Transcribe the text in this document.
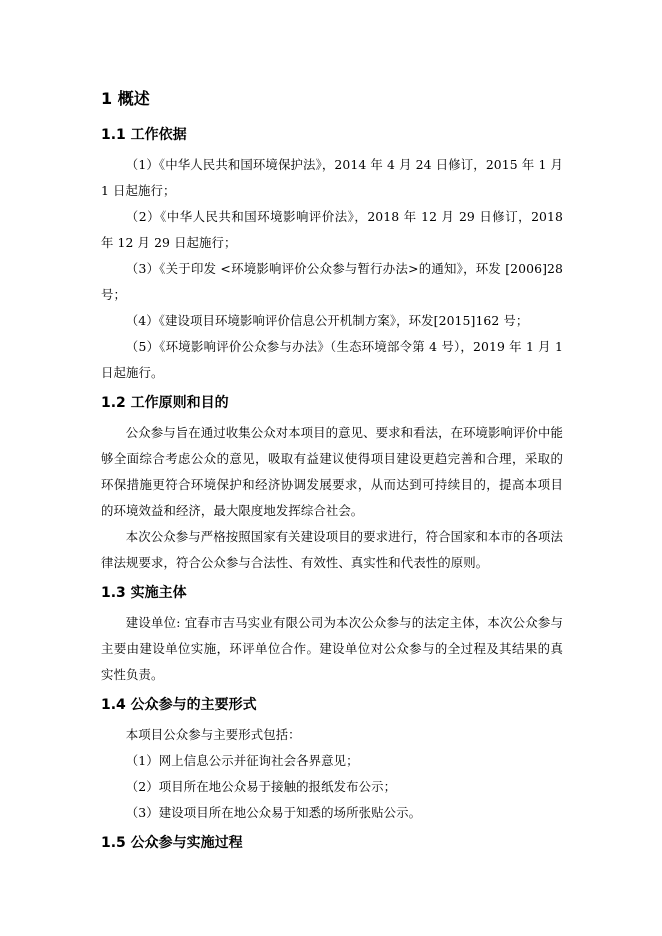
1 概述
1.1 工作依据

（1）《中华人民共和国环境保护法》，2014 年 4 月 24 日修订，2015 年 1 月 1 日起施行；

（2）《中华人民共和国环境影响评价法》，2018 年 12 月 29 日修订，2018 年 12 月 29 日起施行；

（3）《关于印发 <环境影响评价公众参与暂行办法>的通知》，环发 [2006]28 号；

（4）《建设项目环境影响评价信息公开机制方案》，环发[2015]162 号；

（5）《环境影响评价公众参与办法》（生态环境部令第 4 号），2019 年 1 月 1 日起施行。

1.2 工作原则和目的

公众参与旨在通过收集公众对本项目的意见、要求和看法，在环境影响评价中能够全面综合考虑公众的意见，吸取有益建议使得项目建设更趋完善和合理，采取的环保措施更符合环境保护和经济协调发展要求，从而达到可持续目的，提高本项目的环境效益和经济，最大限度地发挥综合社会。

本次公众参与严格按照国家有关建设项目的要求进行，符合国家和本市的各项法律法规要求，符合公众参与合法性、有效性、真实性和代表性的原则。

1.3 实施主体

建设单位: 宜春市吉马实业有限公司为本次公众参与的法定主体，本次公众参与主要由建设单位实施，环评单位合作。建设单位对公众参与的全过程及其结果的真实性负责。

1.4 公众参与的主要形式

本项目公众参与主要形式包括：

（1）网上信息公示并征询社会各界意见；

（2）项目所在地公众易于接触的报纸发布公示；

（3）建设项目所在地公众易于知悉的场所张贴公示。

1.5 公众参与实施过程
